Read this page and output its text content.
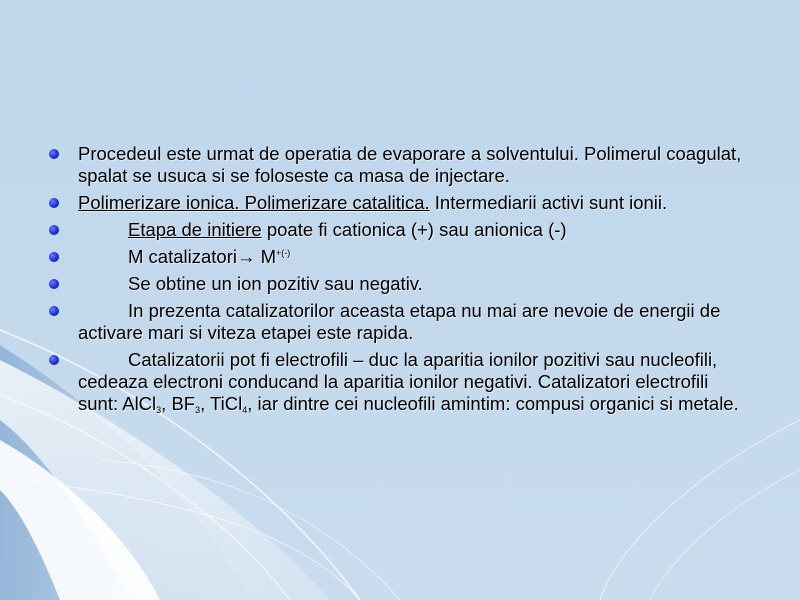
Procedeul este urmat de operatia de evaporare a solventului. Polimerul coagulat, spalat se usuca si se foloseste ca masa de injectare.
Polimerizare ionica. Polimerizare catalitica. Intermediarii activi sunt ionii.
Etapa de initiere poate fi cationica (+) sau anionica (-)
M catalizatori→ M+(-)
Se obtine un ion pozitiv sau negativ.
In prezenta catalizatorilor aceasta etapa nu mai are nevoie de energii de activare mari si viteza etapei este rapida.
Catalizatorii pot fi electrofili – duc la aparitia ionilor pozitivi sau nucleofili, cedeaza electroni conducand la aparitia ionilor negativi. Catalizatori electrofili sunt: AlCl$_3$, $BF_3$, TiCl$_4$, iar dintre cei nucleofili amintim: compusi organici si metale.
